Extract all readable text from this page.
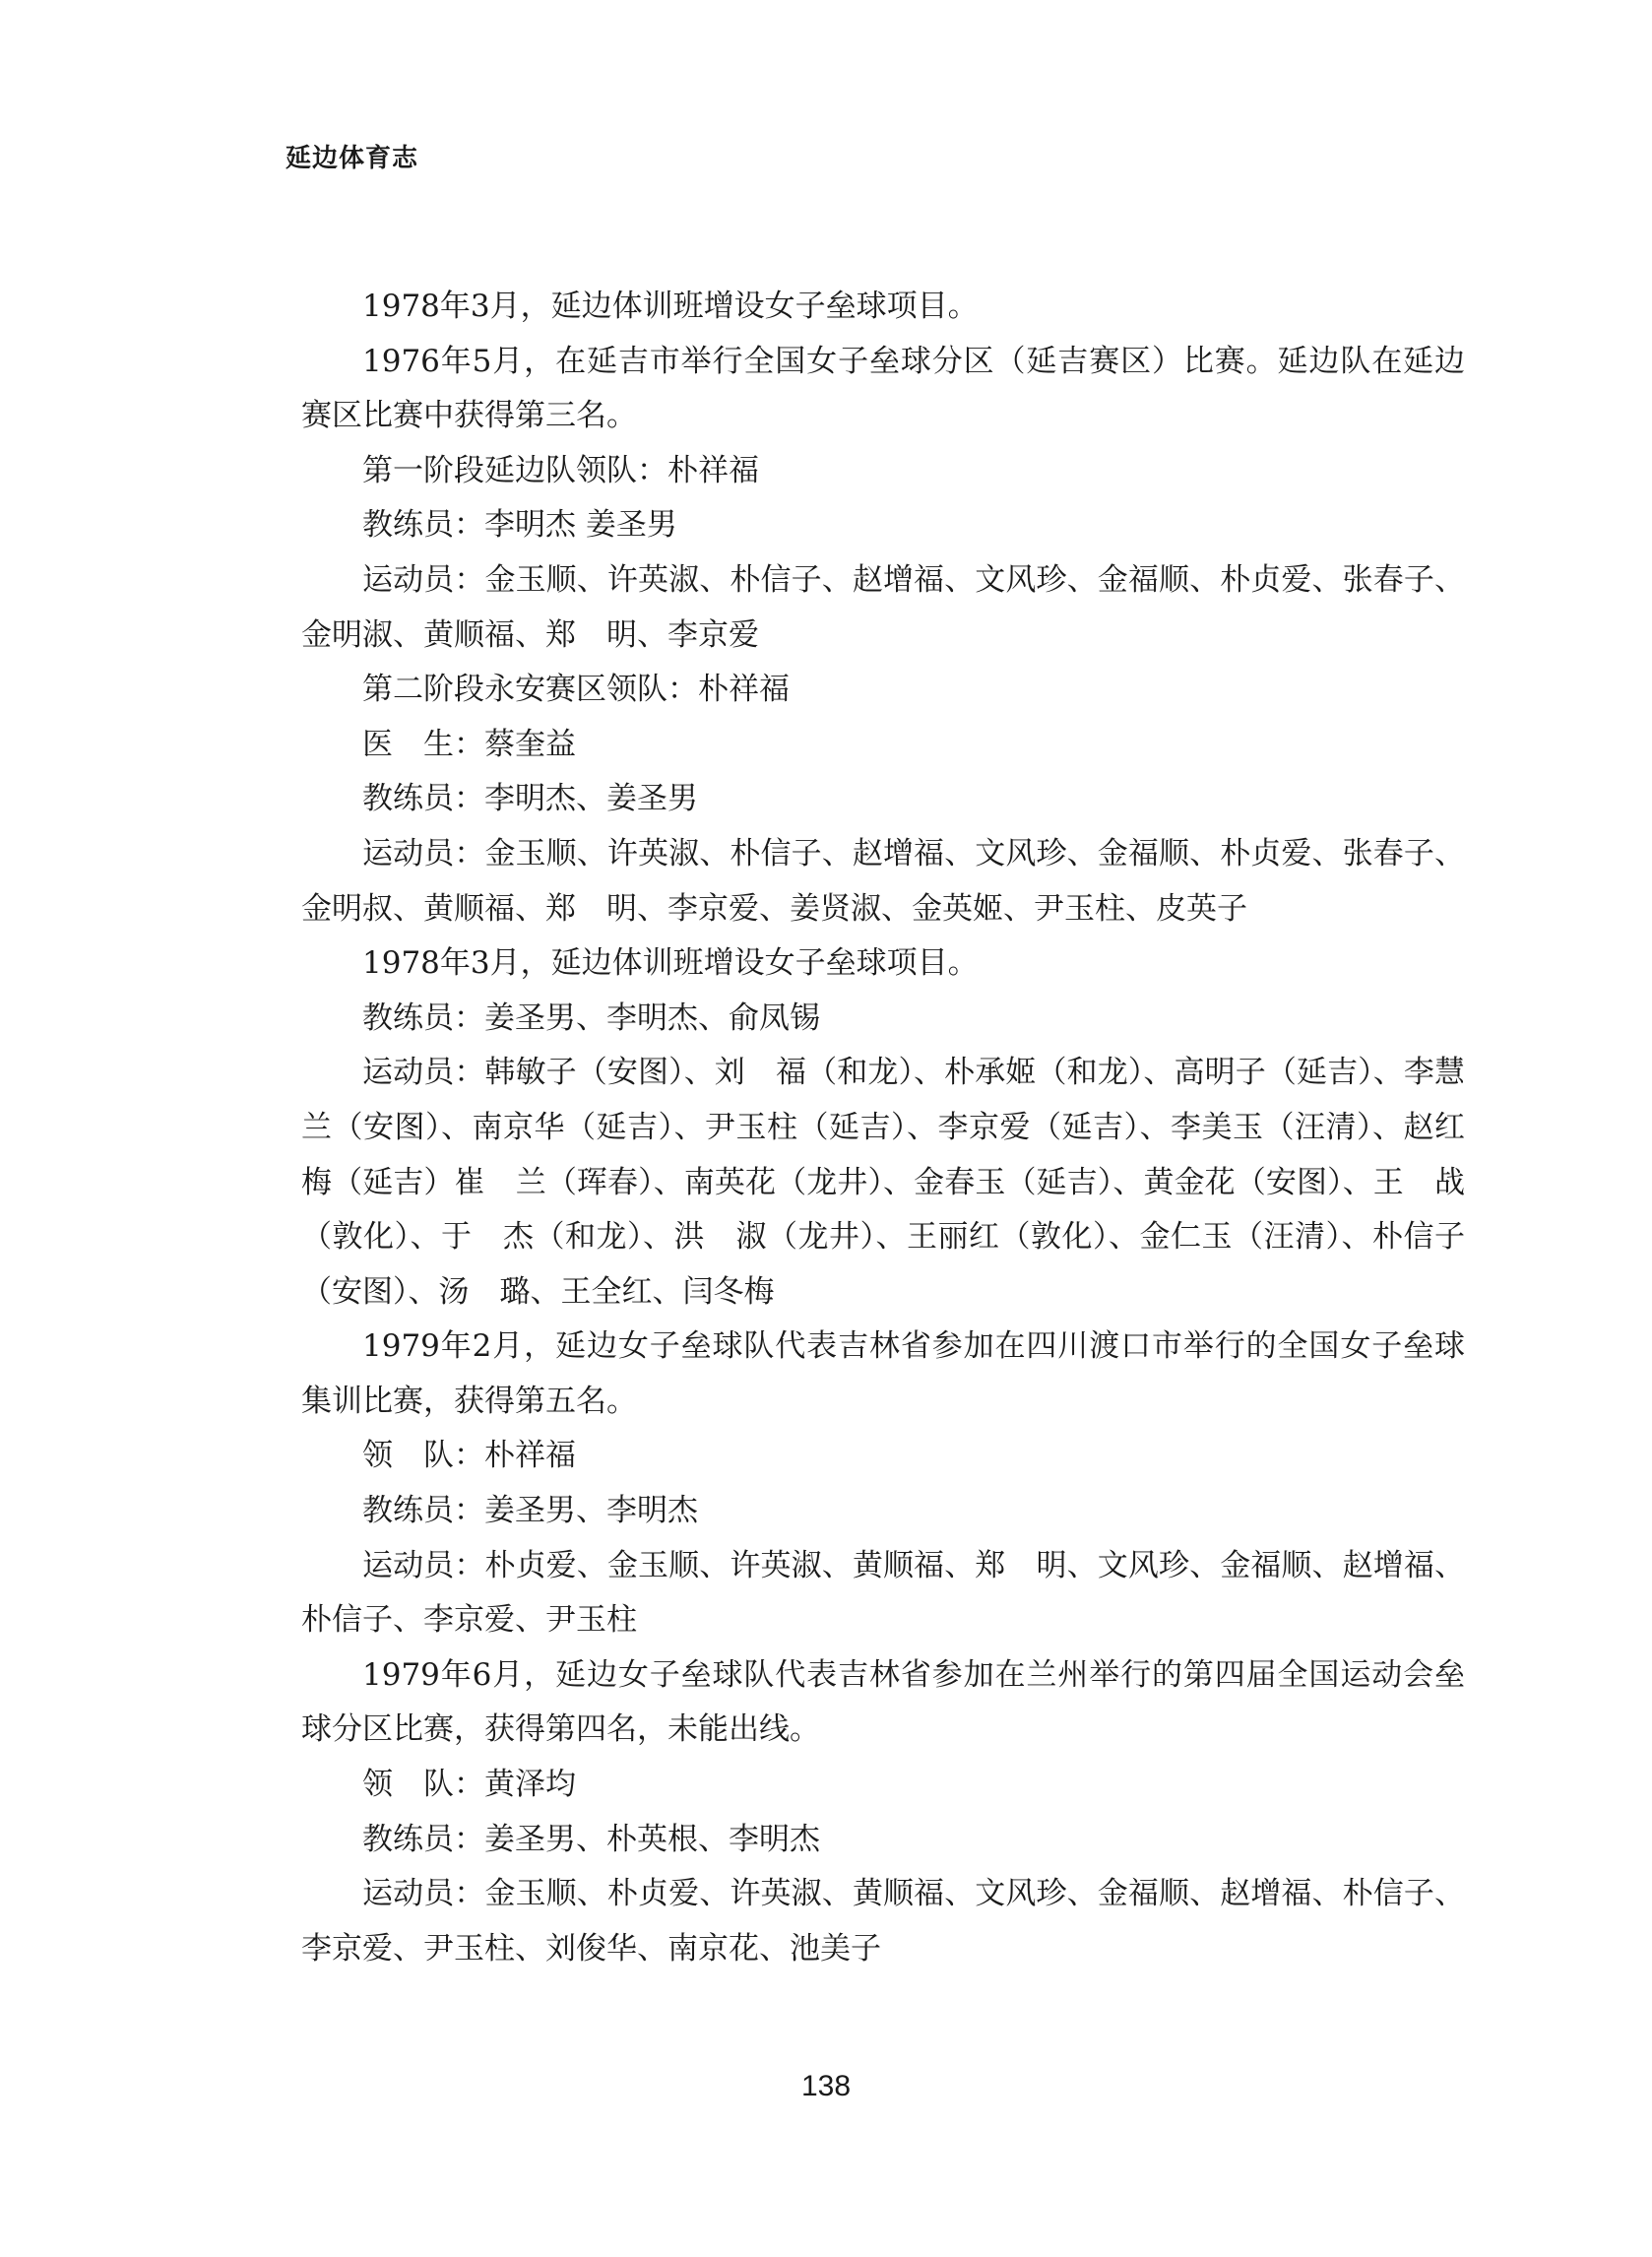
延边体育志

1978年3月，延边体训班增设女子垒球项目。

1976年5月，在延吉市举行全国女子垒球分区（延吉赛区）比赛。延边队在延边赛区比赛中获得第三名。

第一阶段延边队领队：朴祥福

教练员：李明杰 姜圣男

运动员：金玉顺、许英淑、朴信子、赵增福、文风珍、金福顺、朴贞爱、张春子、金明淑、黄顺福、郑　明、李京爱

第二阶段永安赛区领队：朴祥福

医　生：蔡奎益

教练员：李明杰、姜圣男

运动员：金玉顺、许英淑、朴信子、赵增福、文风珍、金福顺、朴贞爱、张春子、金明叔、黄顺福、郑　明、李京爱、姜贤淑、金英姬、尹玉柱、皮英子

1978年3月，延边体训班增设女子垒球项目。

教练员：姜圣男、李明杰、俞凤锡

运动员：韩敏子（安图）、刘　福（和龙）、朴承姬（和龙）、高明子（延吉）、李慧兰（安图）、南京华（延吉）、尹玉柱（延吉）、李京爱（延吉）、李美玉（汪清）、赵红梅（延吉）崔　兰（珲春）、南英花（龙井）、金春玉（延吉）、黄金花（安图）、王　战（敦化）、于　杰（和龙）、洪　淑（龙井）、王丽红（敦化）、金仁玉（汪清）、朴信子（安图）、汤　璐、王全红、闫冬梅

1979年2月，延边女子垒球队代表吉林省参加在四川渡口市举行的全国女子垒球集训比赛，获得第五名。

领　队：朴祥福

教练员：姜圣男、李明杰

运动员：朴贞爱、金玉顺、许英淑、黄顺福、郑　明、文风珍、金福顺、赵增福、朴信子、李京爱、尹玉柱

1979年6月，延边女子垒球队代表吉林省参加在兰州举行的第四届全国运动会垒球分区比赛，获得第四名，未能出线。

领　队：黄泽均

教练员：姜圣男、朴英根、李明杰

运动员：金玉顺、朴贞爱、许英淑、黄顺福、文风珍、金福顺、赵增福、朴信子、李京爱、尹玉柱、刘俊华、南京花、池美子

138
